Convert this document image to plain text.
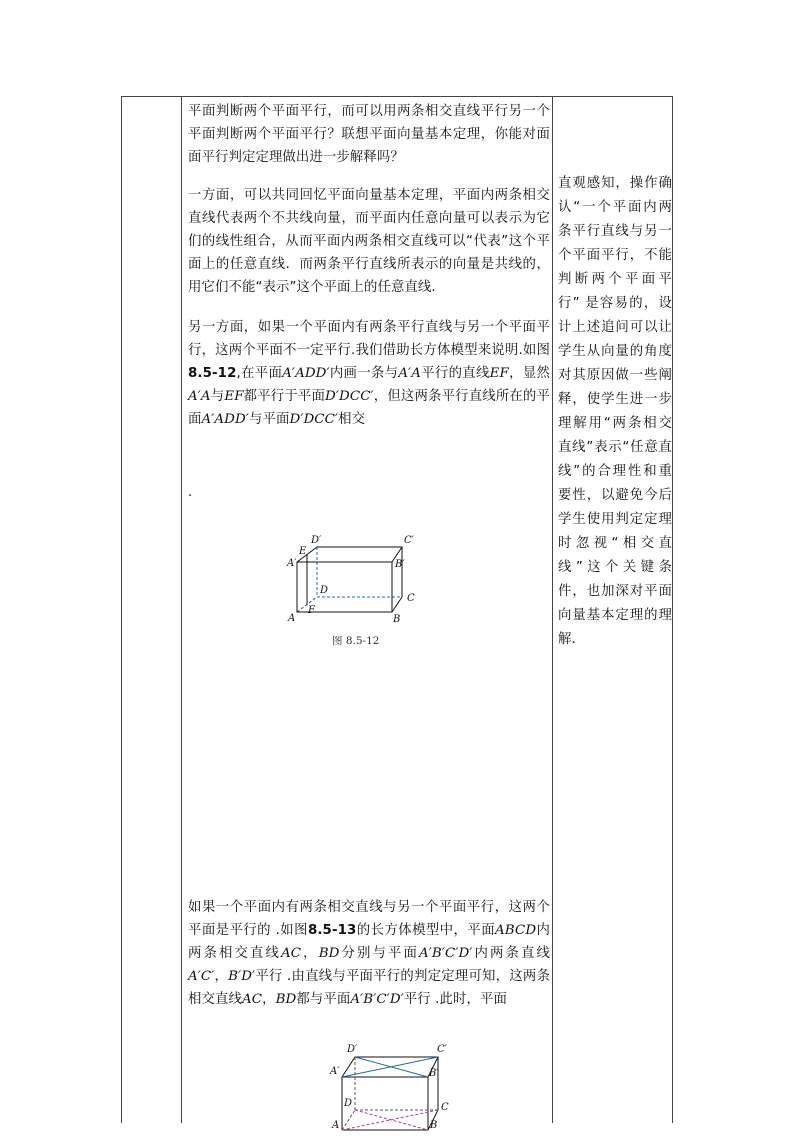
平面判断两个平面平行，而可以用两条相交直线平行另一个平面判断两个平面平行？联想平面向量基本定理，你能对面面平行判定定理做出进一步解释吗？

一方面，可以共同回忆平面向量基本定理，平面内两条相交直线代表两个不共线向量，而平面内任意向量可以表示为它们的线性组合，从而平面内两条相交直线可以“代表”这个平面上的任意直线．而两条平行直线所表示的向量是共线的，用它们不能“表示”这个平面上的任意直线．

另一方面，如果一个平面内有两条平行直线与另一个平面平行，这两个平面不一定平行.我们借助长方体模型来说明.如图8.5-12,在平面A′ADD′内画一条与A′A平行的直线EF，显然A′A与EF都平行于平面D′DCC′，但这两条平行直线所在的平面A′ADD′与平面D′DCC′相交

.
D′	C′
E
A′	B′
D
C
A
F
B
图 8.5-12

如果一个平面内有两条相交直线与另一个平面平行，这两个平面是平行的 .如图8.5-13的长方体模型中，平面ABCD内两条相交直线AC，BD分别与平面A′B′C′D′内两条直线A′C′，B′D′平行 .由直线与平面平行的判定定理可知，这两条相交直线AC，BD都与平面A′B′C′D′平行 .此时，平面

D′	C′
A′	B′
D	C
A	B

直观感知，操作确认“一个平面内两条平行直线与另一个平面平行，不能判断两个平面平行” 是容易的，设计上述追问可以让学生从向量的角度对其原因做一些阐释，使学生进一步理解用“两条相交直线”表示“任意直线”的合理性和重要性，以避免今后学生使用判定定理时忽视“相交直线”这个关键条件，也加深对平面向量基本定理的理解．
